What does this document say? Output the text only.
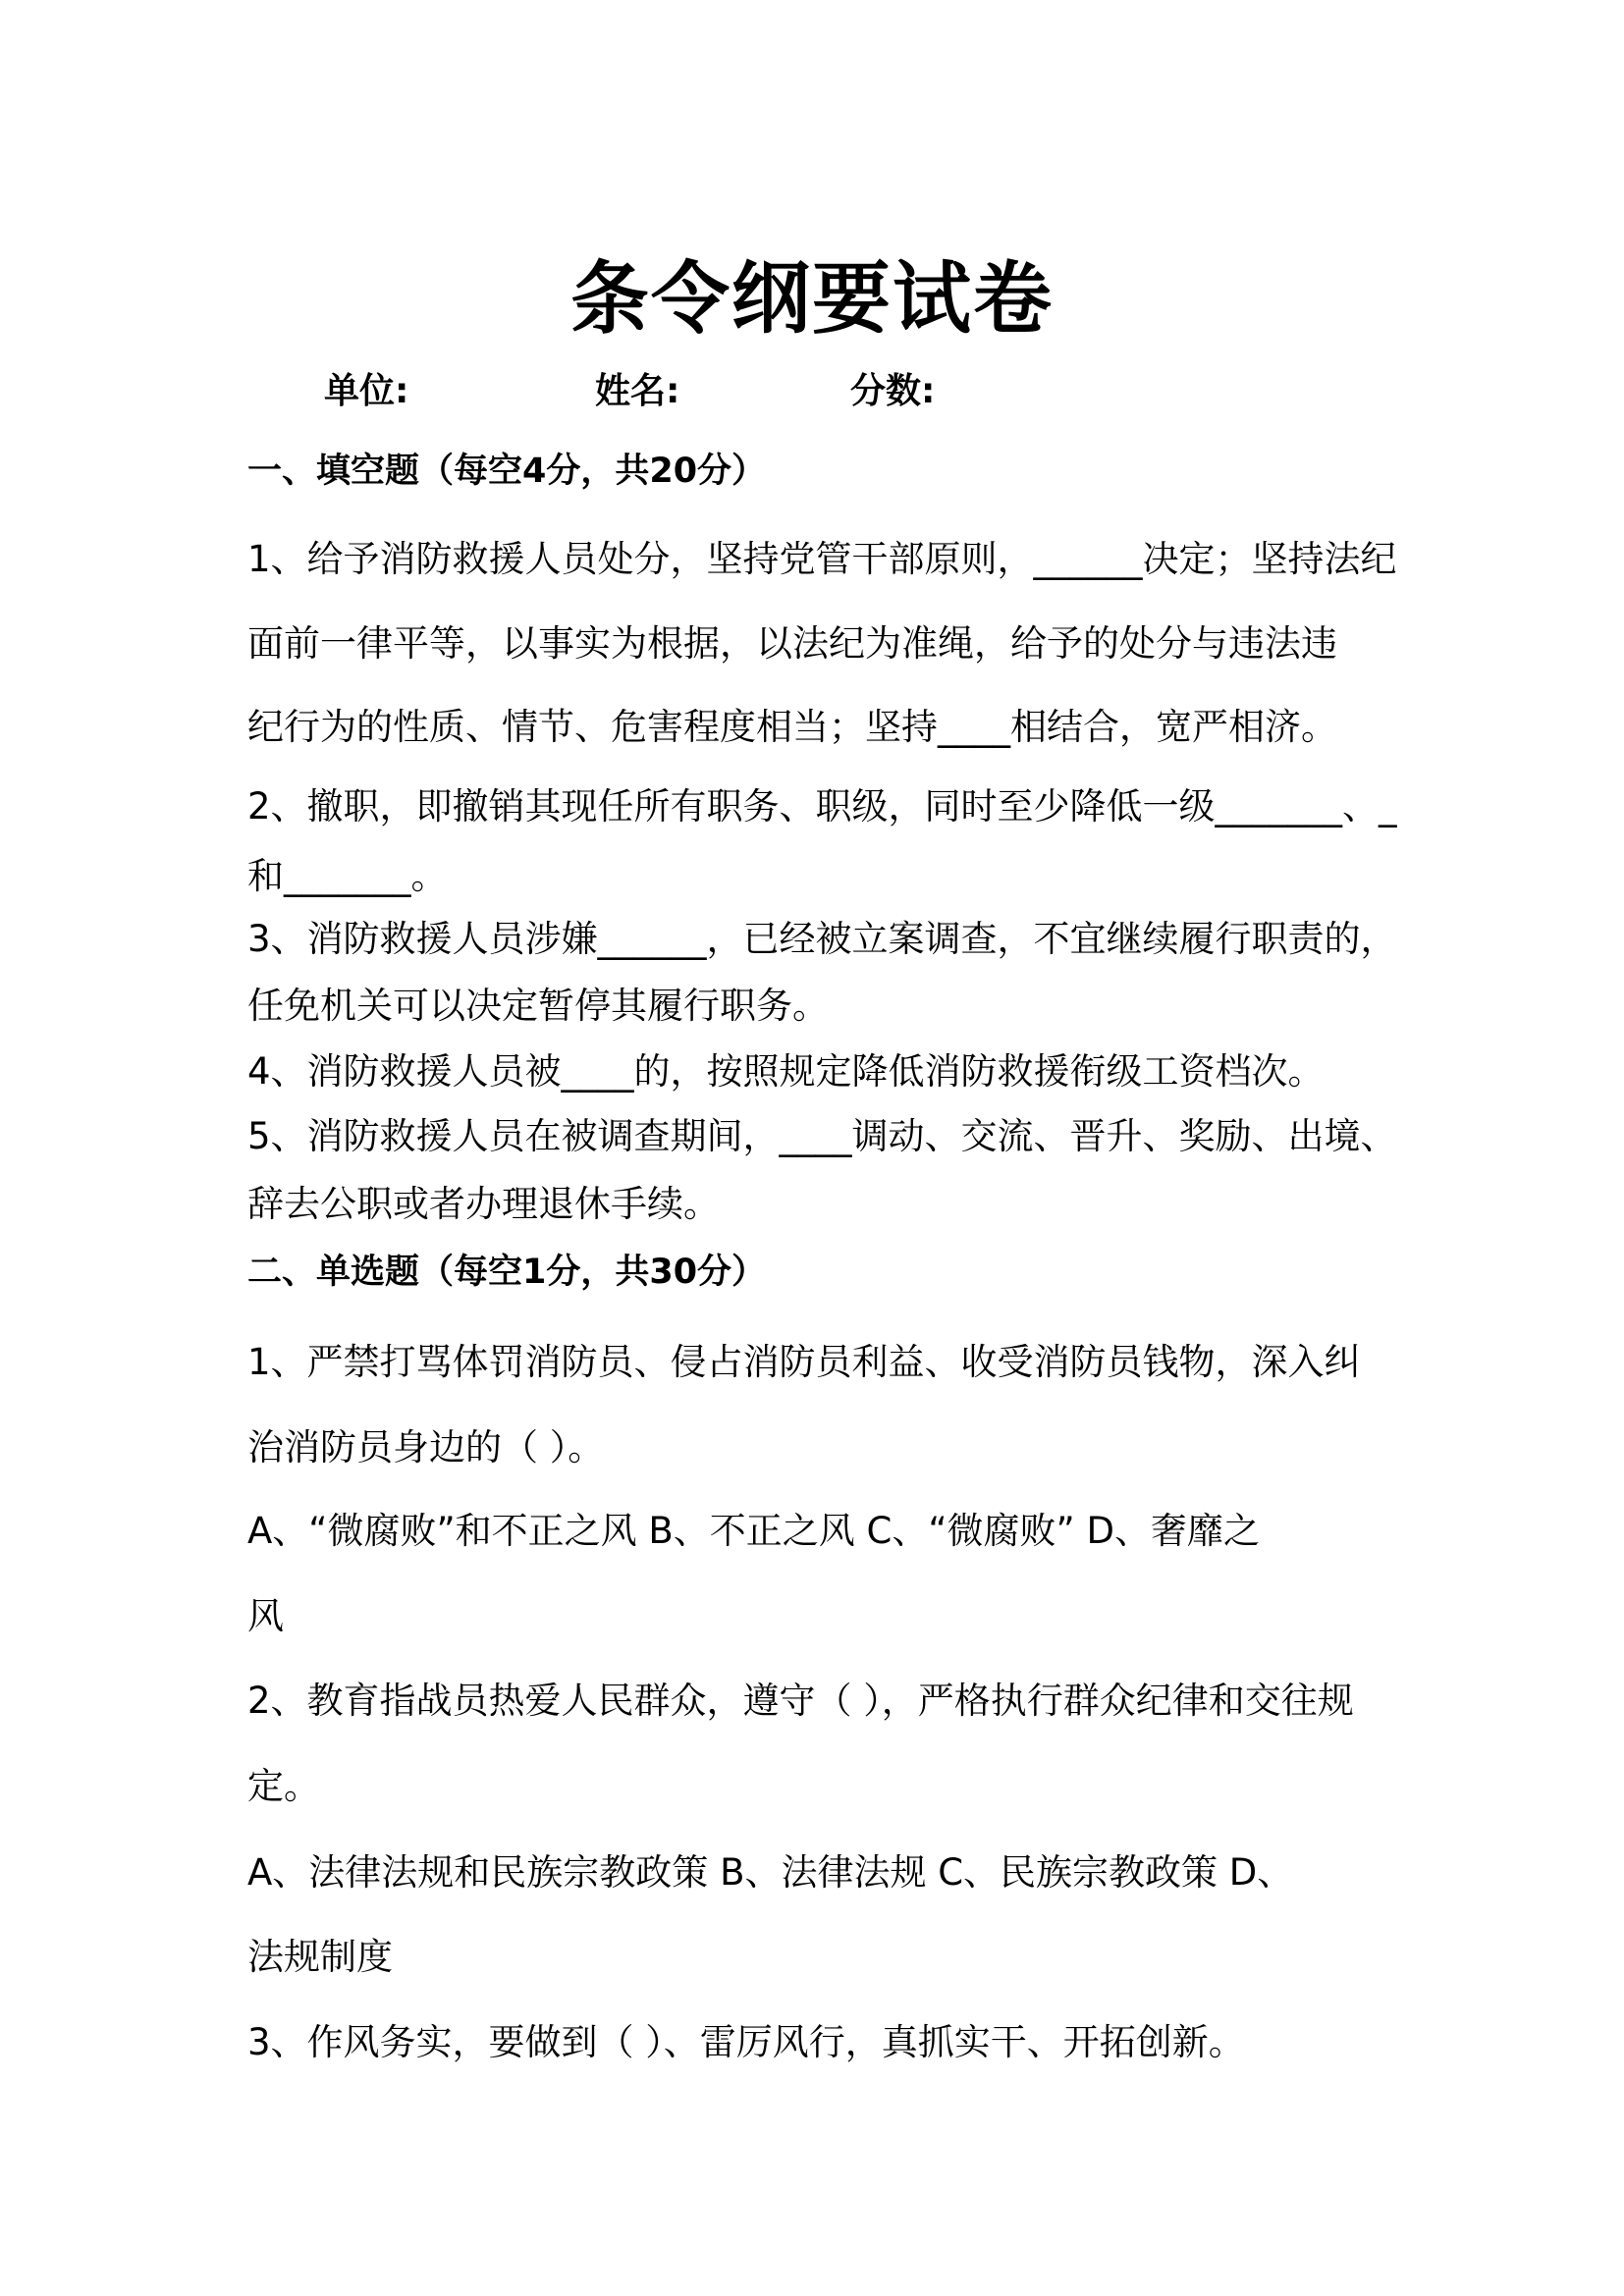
条令纲要试卷
单位:	姓名:	分数:
一、填空题（每空4分，共20分）
1、给予消防救援人员处分，坚持党管干部原则，______决定；坚持法纪
面前一律平等，以事实为根据，以法纪为准绳，给予的处分与违法违
纪行为的性质、情节、危害程度相当；坚持____相结合，宽严相济。
2、撤职，即撤销其现任所有职务、职级，同时至少降低一级_______、_
和_______。
3、消防救援人员涉嫌______，已经被立案调查，不宜继续履行职责的，
任免机关可以决定暂停其履行职务。
4、消防救援人员被____的，按照规定降低消防救援衔级工资档次。
5、消防救援人员在被调查期间，____调动、交流、晋升、奖励、出境、
辞去公职或者办理退休手续。
二、单选题（每空1分，共30分）
1、严禁打骂体罚消防员、侵占消防员利益、收受消防员钱物，深入纠
治消防员身边的（ ）。
A、“微腐败”和不正之风 B、不正之风 C、“微腐败” D、奢靡之
风
2、教育指战员热爱人民群众，遵守（ ），严格执行群众纪律和交往规
定。
A、法律法规和民族宗教政策 B、法律法规 C、民族宗教政策 D、
法规制度
3、作风务实，要做到（ ）、雷厉风行，真抓实干、开拓创新。
